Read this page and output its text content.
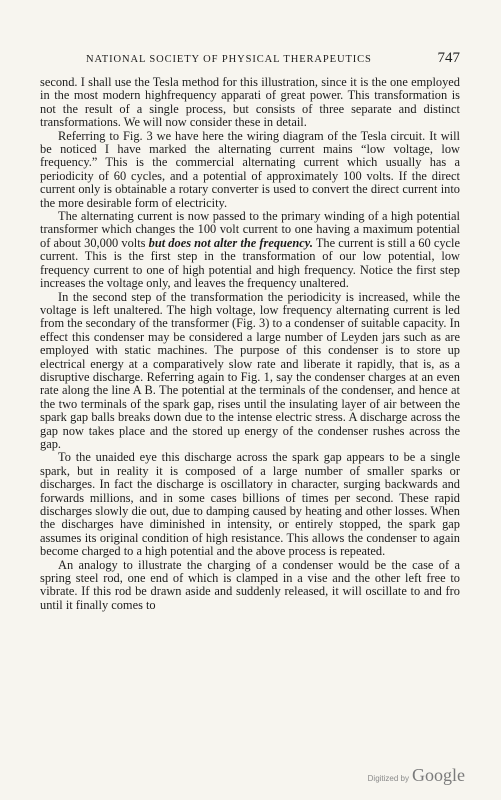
NATIONAL SOCIETY OF PHYSICAL THERAPEUTICS	747

second. I shall use the Tesla method for this illustration, since it is the one employed in the most modern highfrequency apparati of great power. This transformation is not the result of a single process, but consists of three separate and distinct transformations. We will now consider these in detail.

Referring to Fig. 3 we have here the wiring diagram of the Tesla circuit. It will be noticed I have marked the alternating current mains “low voltage, low frequency.” This is the commercial alternating current which usually has a periodicity of 60 cycles, and a potential of approximately 100 volts. If the direct current only is obtainable a rotary converter is used to convert the direct current into the more desirable form of electricity.

The alternating current is now passed to the primary winding of a high potential transformer which changes the 100 volt current to one having a maximum potential of about 30,000 volts but does not alter the frequency. The current is still a 60 cycle current. This is the first step in the transformation of our low potential, low frequency current to one of high potential and high frequency. Notice the first step increases the voltage only, and leaves the frequency unaltered.

In the second step of the transformation the periodicity is increased, while the voltage is left unaltered. The high voltage, low frequency alternating current is led from the secondary of the transformer (Fig. 3) to a condenser of suitable capacity. In effect this condenser may be considered a large number of Leyden jars such as are employed with static machines. The purpose of this condenser is to store up electrical energy at a comparatively slow rate and liberate it rapidly, that is, as a disruptive discharge. Referring again to Fig. 1, say the condenser charges at an even rate along the line A B. The potential at the terminals of the condenser, and hence at the two terminals of the spark gap, rises until the insulating layer of air between the spark gap balls breaks down due to the intense electric stress. A discharge across the gap now takes place and the stored up energy of the condenser rushes across the gap.

To the unaided eye this discharge across the spark gap appears to be a single spark, but in reality it is composed of a large number of smaller sparks or discharges. In fact the discharge is oscillatory in character, surging backwards and forwards millions, and in some cases billions of times per second. These rapid discharges slowly die out, due to damping caused by heating and other losses. When the discharges have diminished in intensity, or entirely stopped, the spark gap assumes its original condition of high resistance. This allows the condenser to again become charged to a high potential and the above process is repeated.

An analogy to illustrate the charging of a condenser would be the case of a spring steel rod, one end of which is clamped in a vise and the other left free to vibrate. If this rod be drawn aside and suddenly released, it will oscillate to and fro until it finally comes to

Digitized by Google
